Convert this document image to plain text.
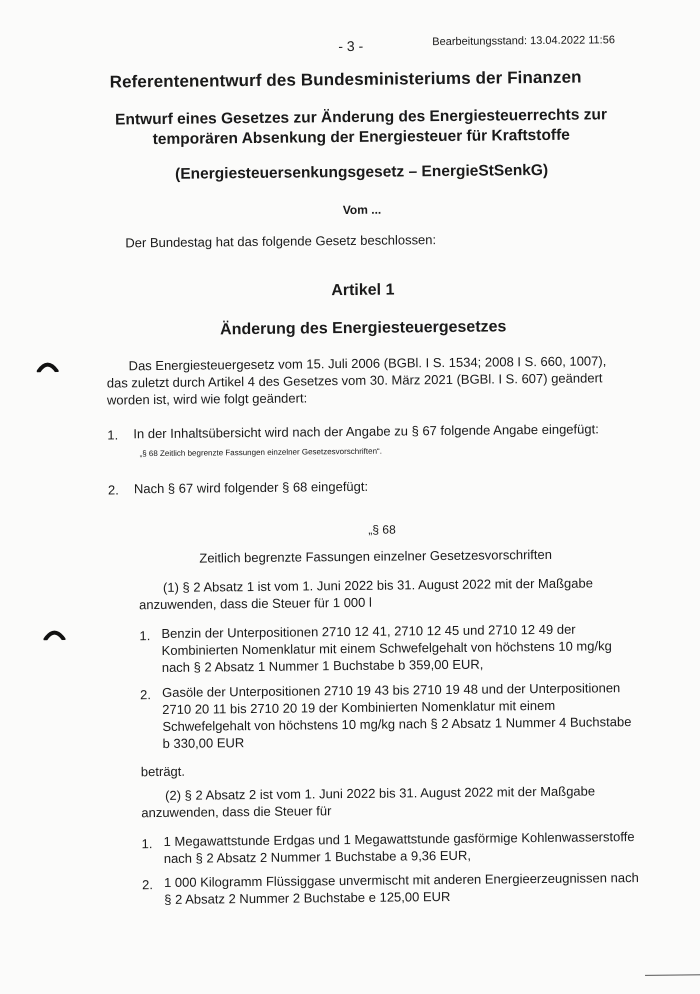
- 3 -	Bearbeitungsstand: 13.04.2022 11:56
Referentenentwurf des Bundesministeriums der Finanzen
Entwurf eines Gesetzes zur Änderung des Energiesteuerrechts zur
temporären Absenkung der Energiesteuer für Kraftstoffe
(Energiesteuersenkungsgesetz – EnergieStSenkG)
Vom ...
Der Bundestag hat das folgende Gesetz beschlossen:
Artikel 1
Änderung des Energiesteuergesetzes
Das Energiesteuergesetz vom 15. Juli 2006 (BGBl. I S. 1534; 2008 I S. 660, 1007), das zuletzt durch Artikel 4 des Gesetzes vom 30. März 2021 (BGBl. I S. 607) geändert worden ist, wird wie folgt geändert:
1. In der Inhaltsübersicht wird nach der Angabe zu § 67 folgende Angabe eingefügt:
„§ 68 Zeitlich begrenzte Fassungen einzelner Gesetzesvorschriften“.
2. Nach § 67 wird folgender § 68 eingefügt:
„§ 68
Zeitlich begrenzte Fassungen einzelner Gesetzesvorschriften
(1) § 2 Absatz 1 ist vom 1. Juni 2022 bis 31. August 2022 mit der Maßgabe anzuwenden, dass die Steuer für 1 000 l
1. Benzin der Unterpositionen 2710 12 41, 2710 12 45 und 2710 12 49 der Kombinierten Nomenklatur mit einem Schwefelgehalt von höchstens 10 mg/kg nach § 2 Absatz 1 Nummer 1 Buchstabe b 359,00 EUR,
2. Gasöle der Unterpositionen 2710 19 43 bis 2710 19 48 und der Unterpositionen 2710 20 11 bis 2710 20 19 der Kombinierten Nomenklatur mit einem Schwefelgehalt von höchstens 10 mg/kg nach § 2 Absatz 1 Nummer 4 Buchstabe b 330,00 EUR
beträgt.
(2) § 2 Absatz 2 ist vom 1. Juni 2022 bis 31. August 2022 mit der Maßgabe anzuwenden, dass die Steuer für
1. 1 Megawattstunde Erdgas und 1 Megawattstunde gasförmige Kohlenwasserstoffe nach § 2 Absatz 2 Nummer 1 Buchstabe a 9,36 EUR,
2. 1 000 Kilogramm Flüssiggase unvermischt mit anderen Energieerzeugnissen nach § 2 Absatz 2 Nummer 2 Buchstabe e 125,00 EUR
